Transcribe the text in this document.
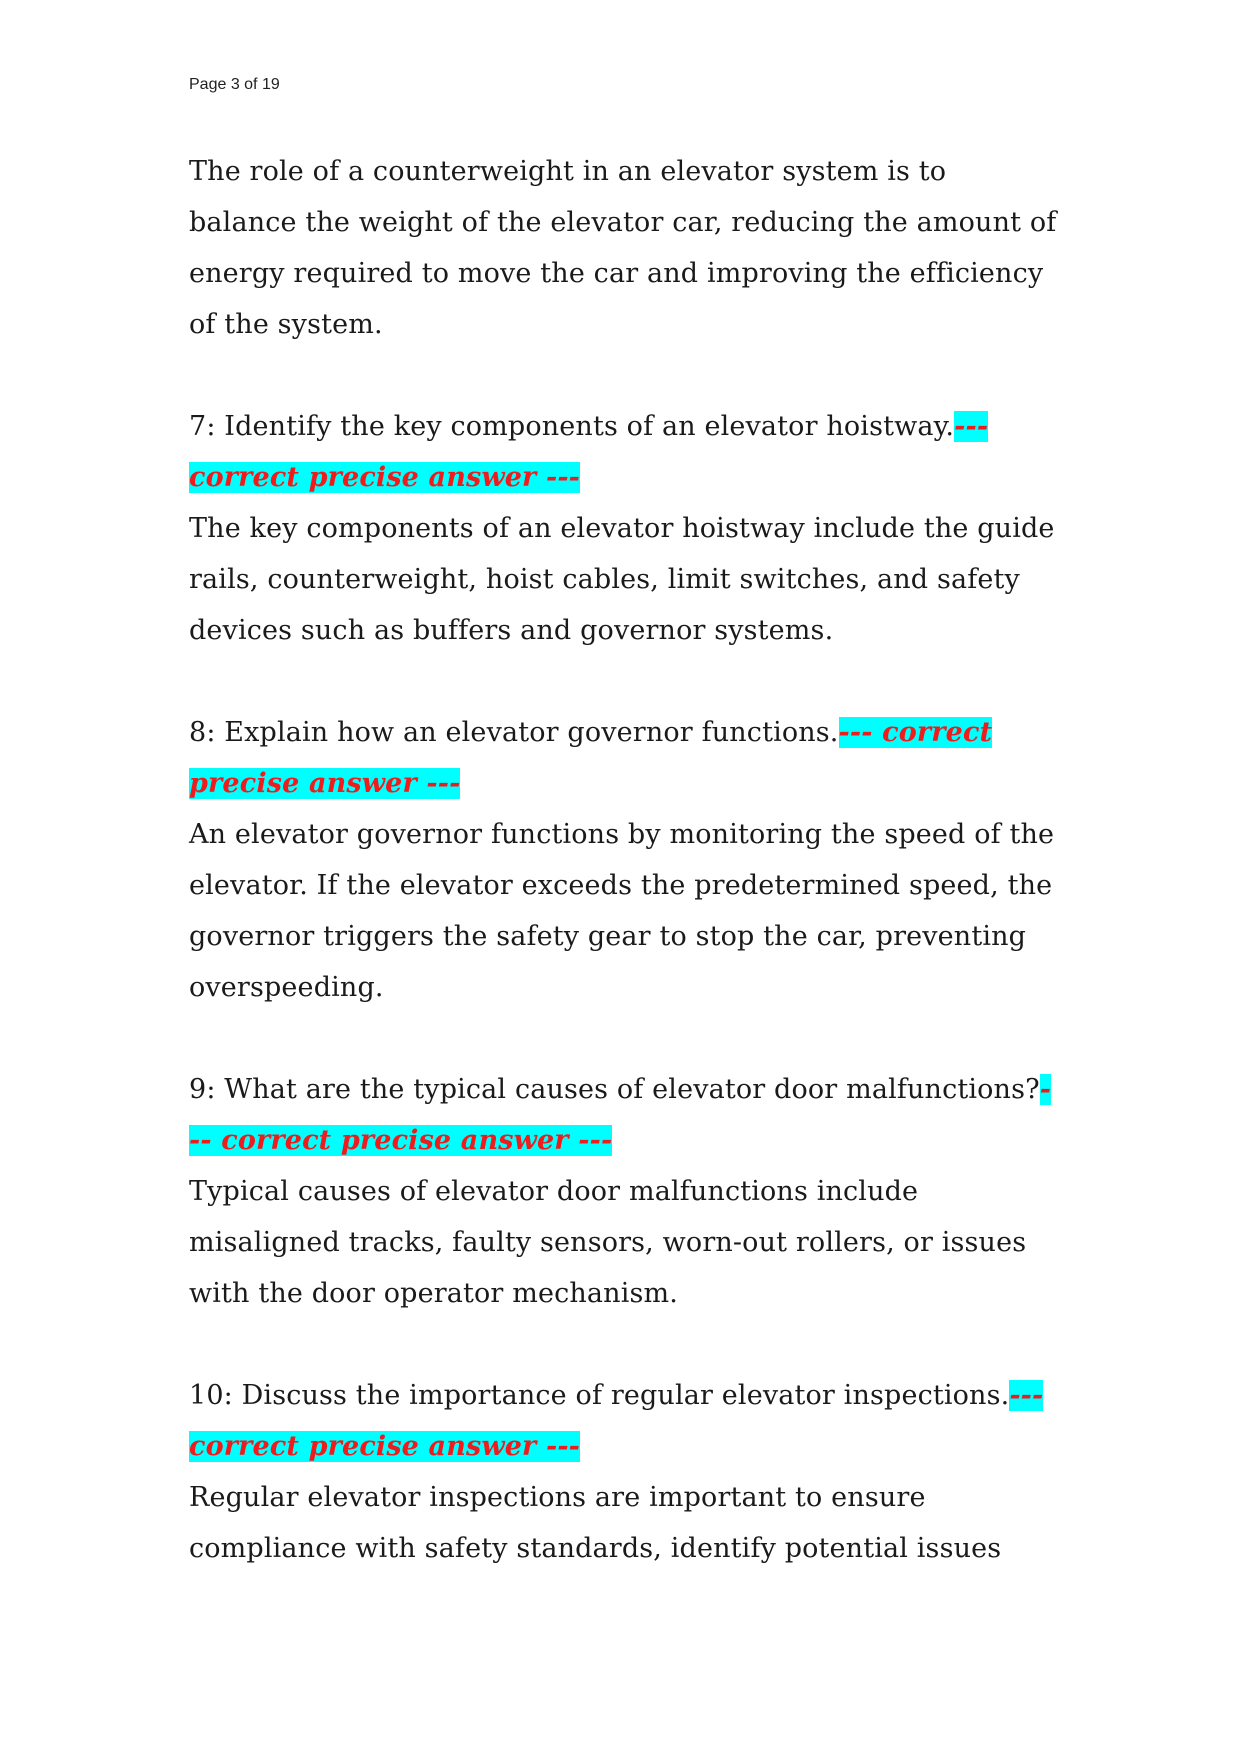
Page 3 of 19
The role of a counterweight in an elevator system is to
balance the weight of the elevator car, reducing the amount of
energy required to move the car and improving the efficiency
of the system.
7: Identify the key components of an elevator hoistway.---
correct precise answer ---
The key components of an elevator hoistway include the guide
rails, counterweight, hoist cables, limit switches, and safety
devices such as buffers and governor systems.
8: Explain how an elevator governor functions.--- correct
precise answer ---
An elevator governor functions by monitoring the speed of the
elevator. If the elevator exceeds the predetermined speed, the
governor triggers the safety gear to stop the car, preventing
overspeeding.
9: What are the typical causes of elevator door malfunctions?-
-- correct precise answer ---
Typical causes of elevator door malfunctions include
misaligned tracks, faulty sensors, worn-out rollers, or issues
with the door operator mechanism.
10: Discuss the importance of regular elevator inspections.---
correct precise answer ---
Regular elevator inspections are important to ensure
compliance with safety standards, identify potential issues
